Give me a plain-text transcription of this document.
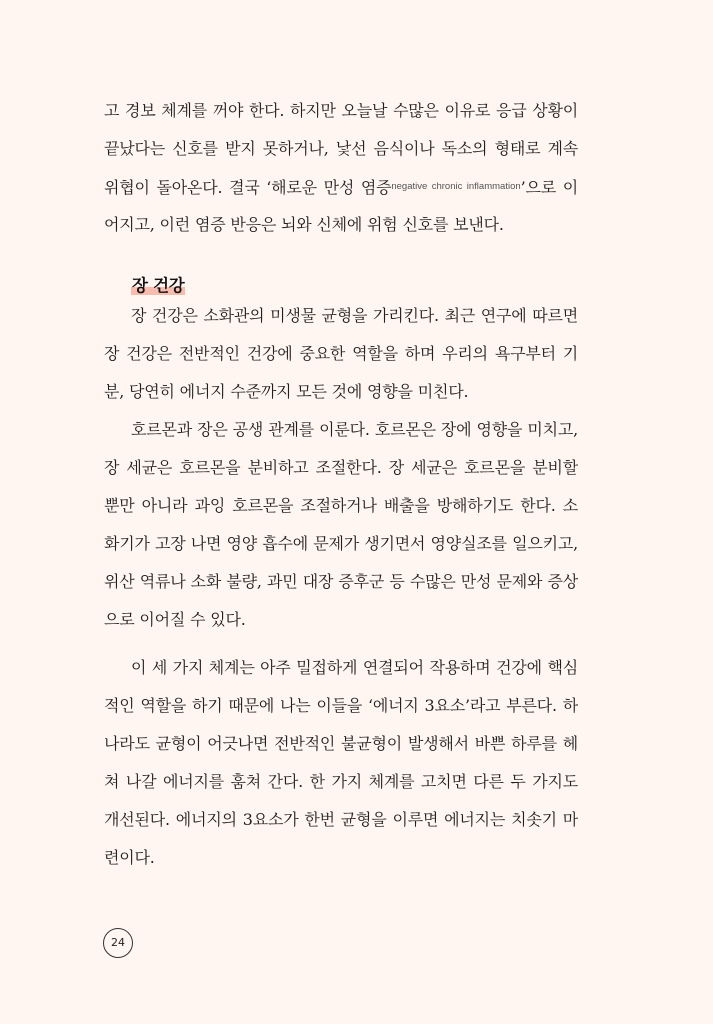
고 경보 체계를 꺼야 한다. 하지만 오늘날 수많은 이유로 응급 상황이
끝났다는 신호를 받지 못하거나, 낯선 음식이나 독소의 형태로 계속
위협이 돌아온다. 결국 ‘해로운 만성 염증$^{negative chronic inflammation}$’으로 이
어지고, 이런 염증 반응은 뇌와 신체에 위험 신호를 보낸다.
장 건강
장 건강은 소화관의 미생물 균형을 가리킨다. 최근 연구에 따르면
장 건강은 전반적인 건강에 중요한 역할을 하며 우리의 욕구부터 기
분, 당연히 에너지 수준까지 모든 것에 영향을 미친다.
호르몬과 장은 공생 관계를 이룬다. 호르몬은 장에 영향을 미치고,
장 세균은 호르몬을 분비하고 조절한다. 장 세균은 호르몬을 분비할
뿐만 아니라 과잉 호르몬을 조절하거나 배출을 방해하기도 한다. 소
화기가 고장 나면 영양 흡수에 문제가 생기면서 영양실조를 일으키고,
위산 역류나 소화 불량, 과민 대장 증후군 등 수많은 만성 문제와 증상
으로 이어질 수 있다.
이 세 가지 체계는 아주 밀접하게 연결되어 작용하며 건강에 핵심
적인 역할을 하기 때문에 나는 이들을 ‘에너지 3요소’라고 부른다. 하
나라도 균형이 어긋나면 전반적인 불균형이 발생해서 바쁜 하루를 헤
쳐 나갈 에너지를 훔쳐 간다. 한 가지 체계를 고치면 다른 두 가지도
개선된다. 에너지의 3요소가 한번 균형을 이루면 에너지는 치솟기 마
련이다.
24
